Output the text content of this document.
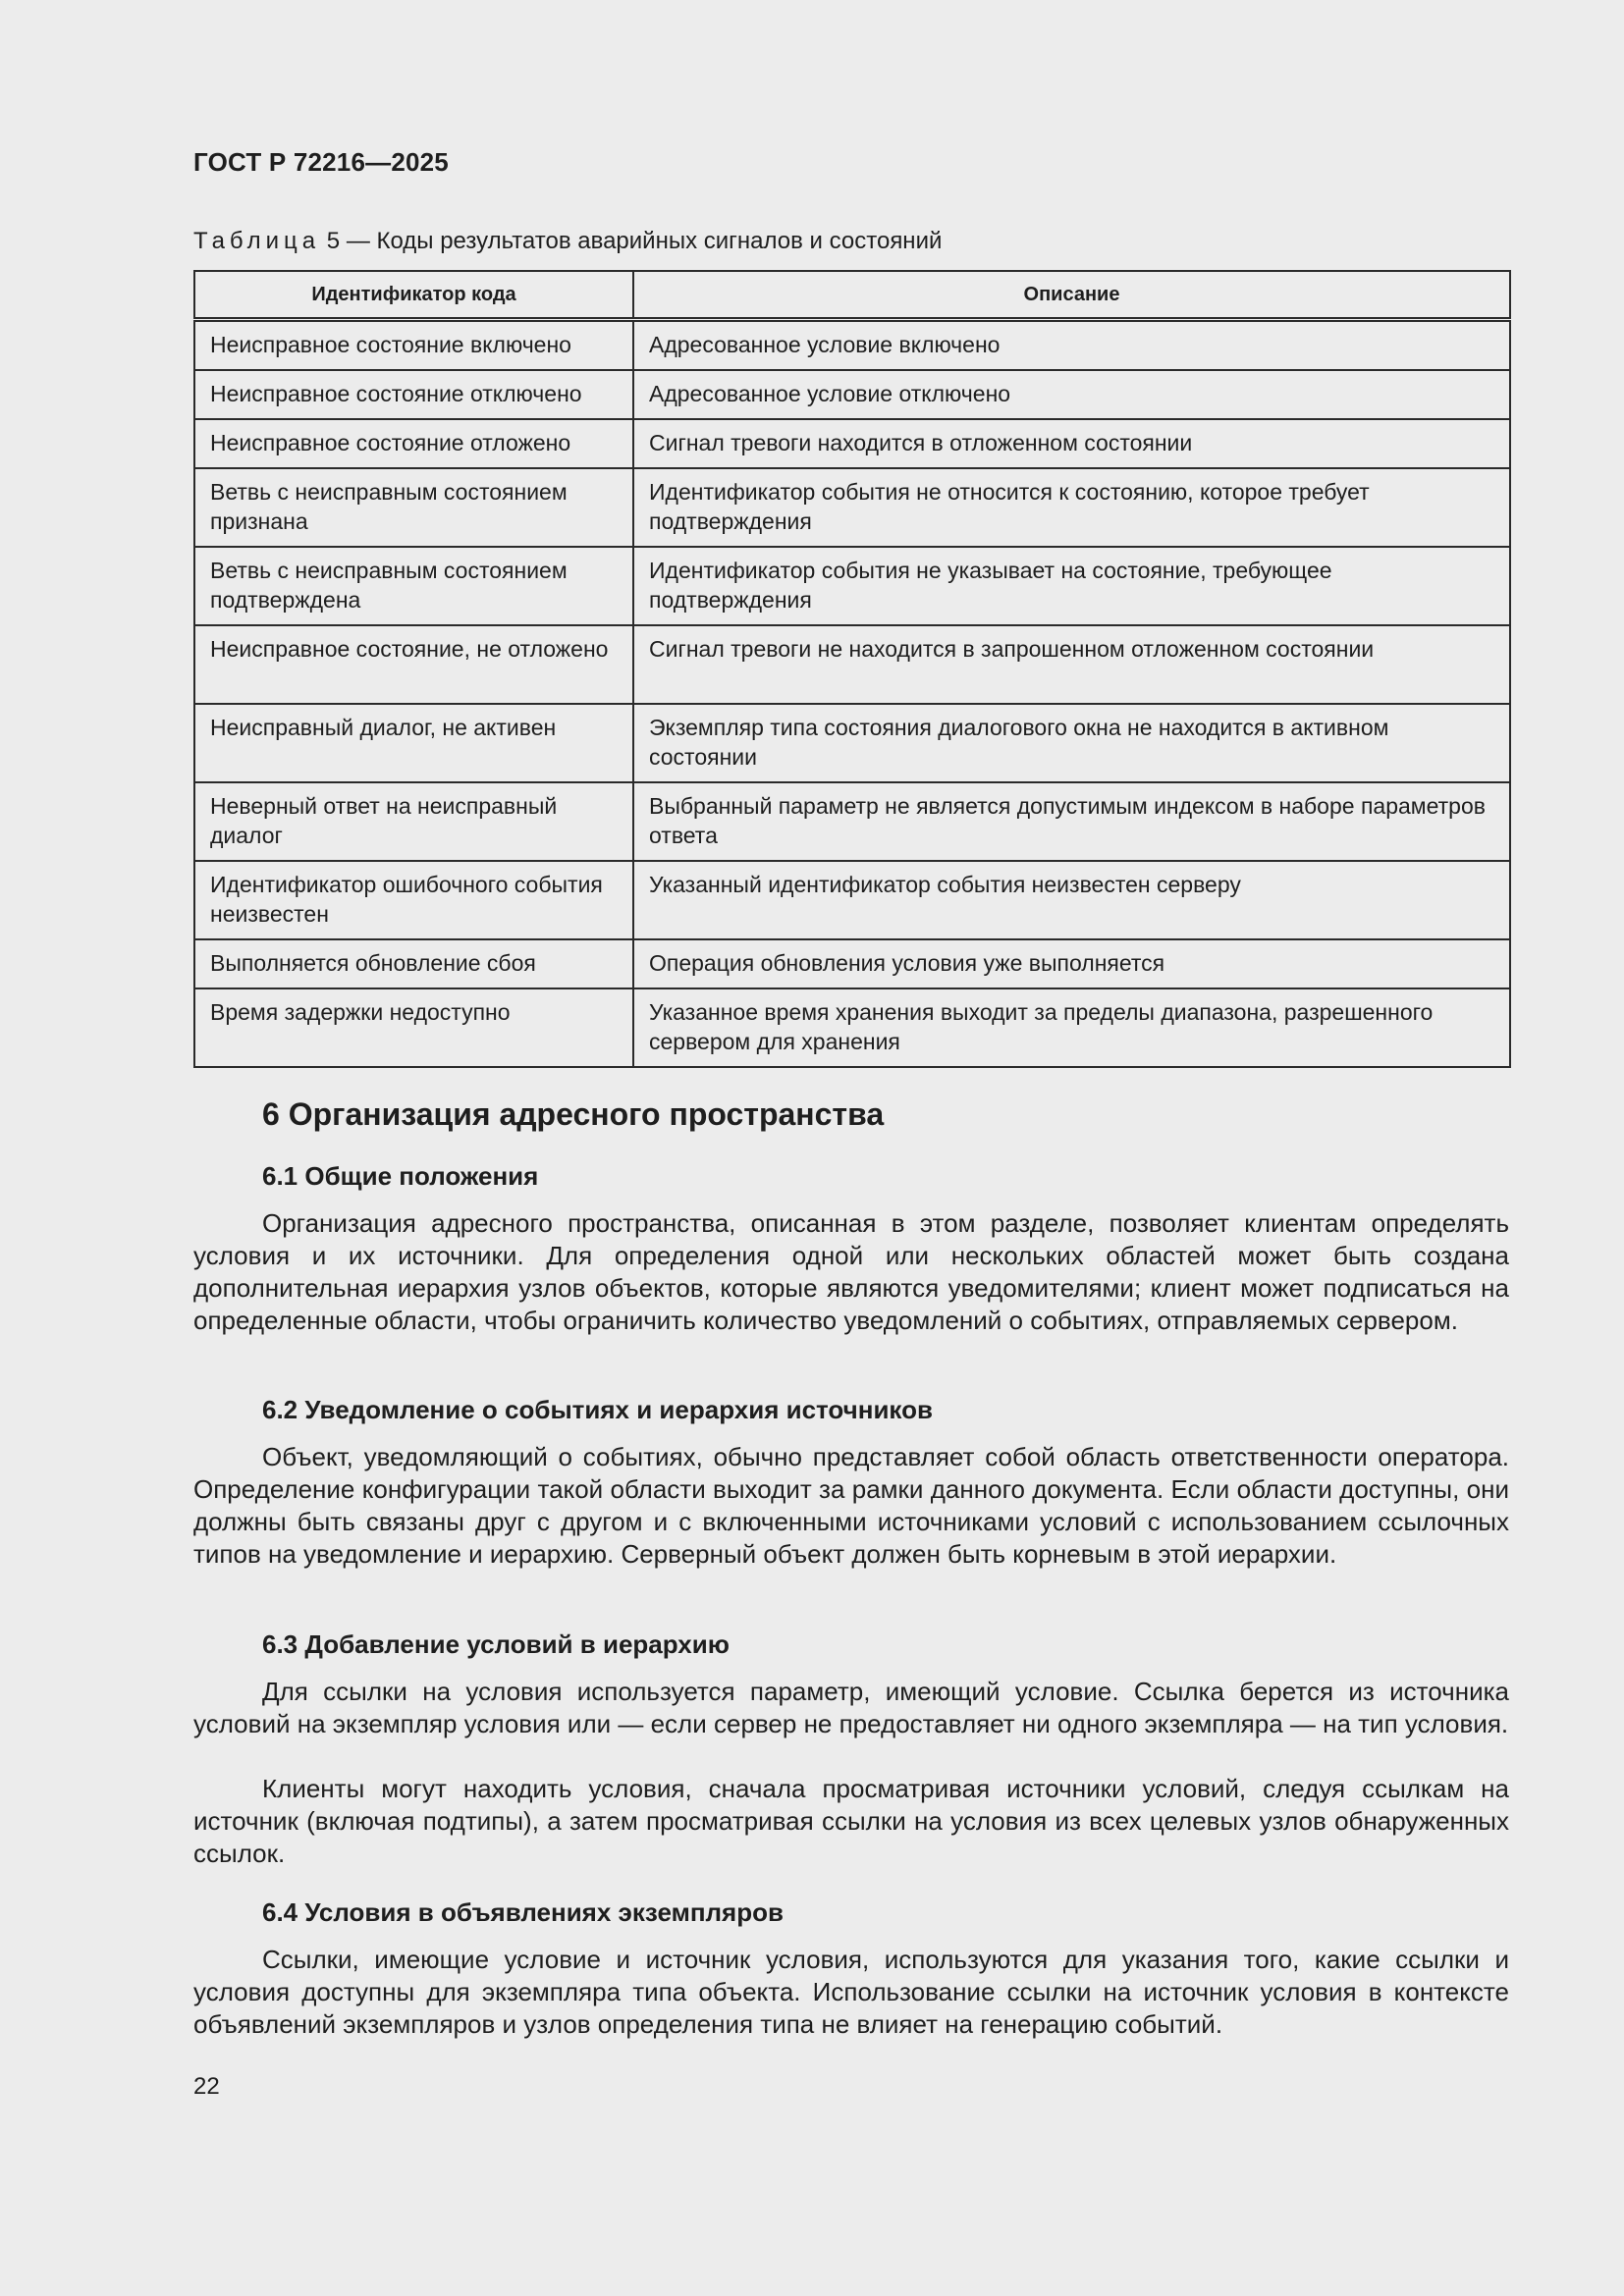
ГОСТ Р 72216—2025
Таблица 5 — Коды результатов аварийных сигналов и состояний
Идентификатор кода	Описание
Неисправное состояние включено	Адресованное условие включено
Неисправное состояние отключено	Адресованное условие отключено
Неисправное состояние отложено	Сигнал тревоги находится в отложенном состоянии
Ветвь с неисправным состоянием признана	Идентификатор события не относится к состоянию, которое требует подтверждения
Ветвь с неисправным состоянием подтверждена	Идентификатор события не указывает на состояние, требующее подтверждения
Неисправное состояние, не отложено	Сигнал тревоги не находится в запрошенном отложенном состоянии
Неисправный диалог, не активен	Экземпляр типа состояния диалогового окна не находится в активном состоянии
Неверный ответ на неисправный диалог	Выбранный параметр не является допустимым индексом в наборе параметров ответа
Идентификатор ошибочного события неизвестен	Указанный идентификатор события неизвестен серверу
Выполняется обновление сбоя	Операция обновления условия уже выполняется
Время задержки недоступно	Указанное время хранения выходит за пределы диапазона, разрешенного сервером для хранения
6 Организация адресного пространства
6.1 Общие положения

Организация адресного пространства, описанная в этом разделе, позволяет клиентам определять условия и их источники. Для определения одной или нескольких областей может быть создана дополнительная иерархия узлов объектов, которые являются уведомителями; клиент может подписаться на определенные области, чтобы ограничить количество уведомлений о событиях, отправляемых сервером.

6.2 Уведомление о событиях и иерархия источников

Объект, уведомляющий о событиях, обычно представляет собой область ответственности оператора. Определение конфигурации такой области выходит за рамки данного документа. Если области доступны, они должны быть связаны друг с другом и с включенными источниками условий с использованием ссылочных типов на уведомление и иерархию. Серверный объект должен быть корневым в этой иерархии.

6.3 Добавление условий в иерархию

Для ссылки на условия используется параметр, имеющий условие. Ссылка берется из источника условий на экземпляр условия или — если сервер не предоставляет ни одного экземпляра — на тип условия.

Клиенты могут находить условия, сначала просматривая источники условий, следуя ссылкам на источник (включая подтипы), а затем просматривая ссылки на условия из всех целевых узлов обнаруженных ссылок.

6.4 Условия в объявлениях экземпляров

Ссылки, имеющие условие и источник условия, используются для указания того, какие ссылки и условия доступны для экземпляра типа объекта. Использование ссылки на источник условия в контексте объявлений экземпляров и узлов определения типа не влияет на генерацию событий.

22
